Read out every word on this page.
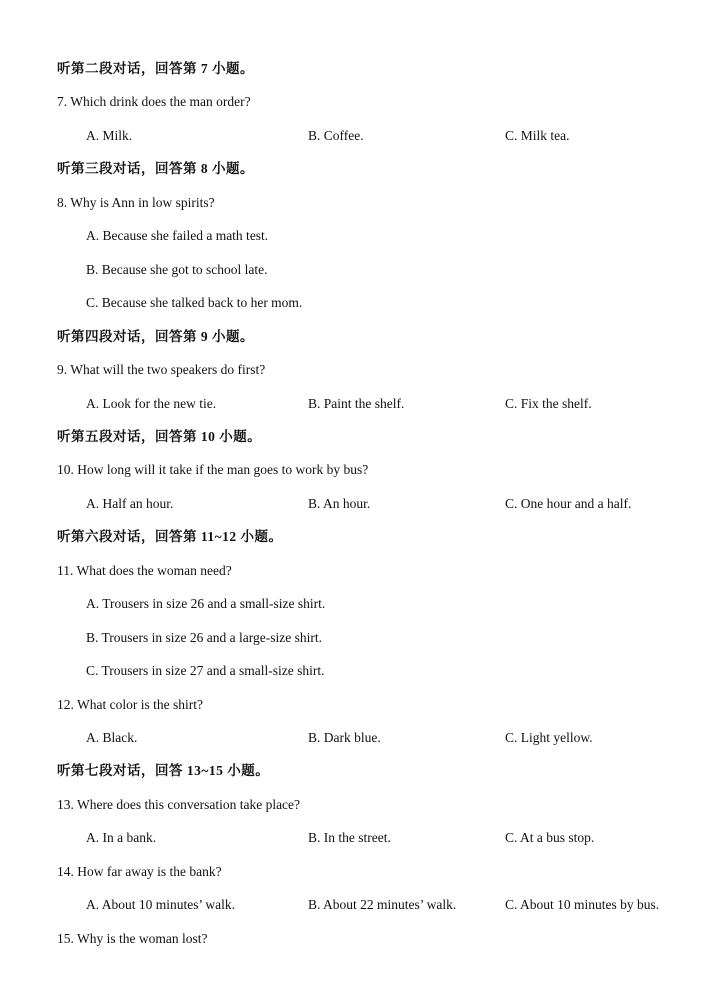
听第二段对话，回答第 7 小题。
7. Which drink does the man order?
A. Milk.	B. Coffee.	C. Milk tea.
听第三段对话，回答第 8 小题。
8. Why is Ann in low spirits?
A. Because she failed a math test.
B. Because she got to school late.
C. Because she talked back to her mom.
听第四段对话，回答第 9 小题。
9. What will the two speakers do first?
A. Look for the new tie.	B. Paint the shelf.	C. Fix the shelf.
听第五段对话，回答第 10 小题。
10. How long will it take if the man goes to work by bus?
A. Half an hour.	B. An hour.	C. One hour and a half.
听第六段对话，回答第 11~12 小题。
11. What does the woman need?
A. Trousers in size 26 and a small-size shirt.
B. Trousers in size 26 and a large-size shirt.
C. Trousers in size 27 and a small-size shirt.
12. What color is the shirt?
A. Black.	B. Dark blue.	C. Light yellow.
听第七段对话，回答 13~15 小题。
13. Where does this conversation take place?
A. In a bank.	B. In the street.	C. At a bus stop.
14. How far away is the bank?
A. About 10 minutes’ walk.	B. About 22 minutes’ walk.	C. About 10 minutes by bus.
15. Why is the woman lost?
